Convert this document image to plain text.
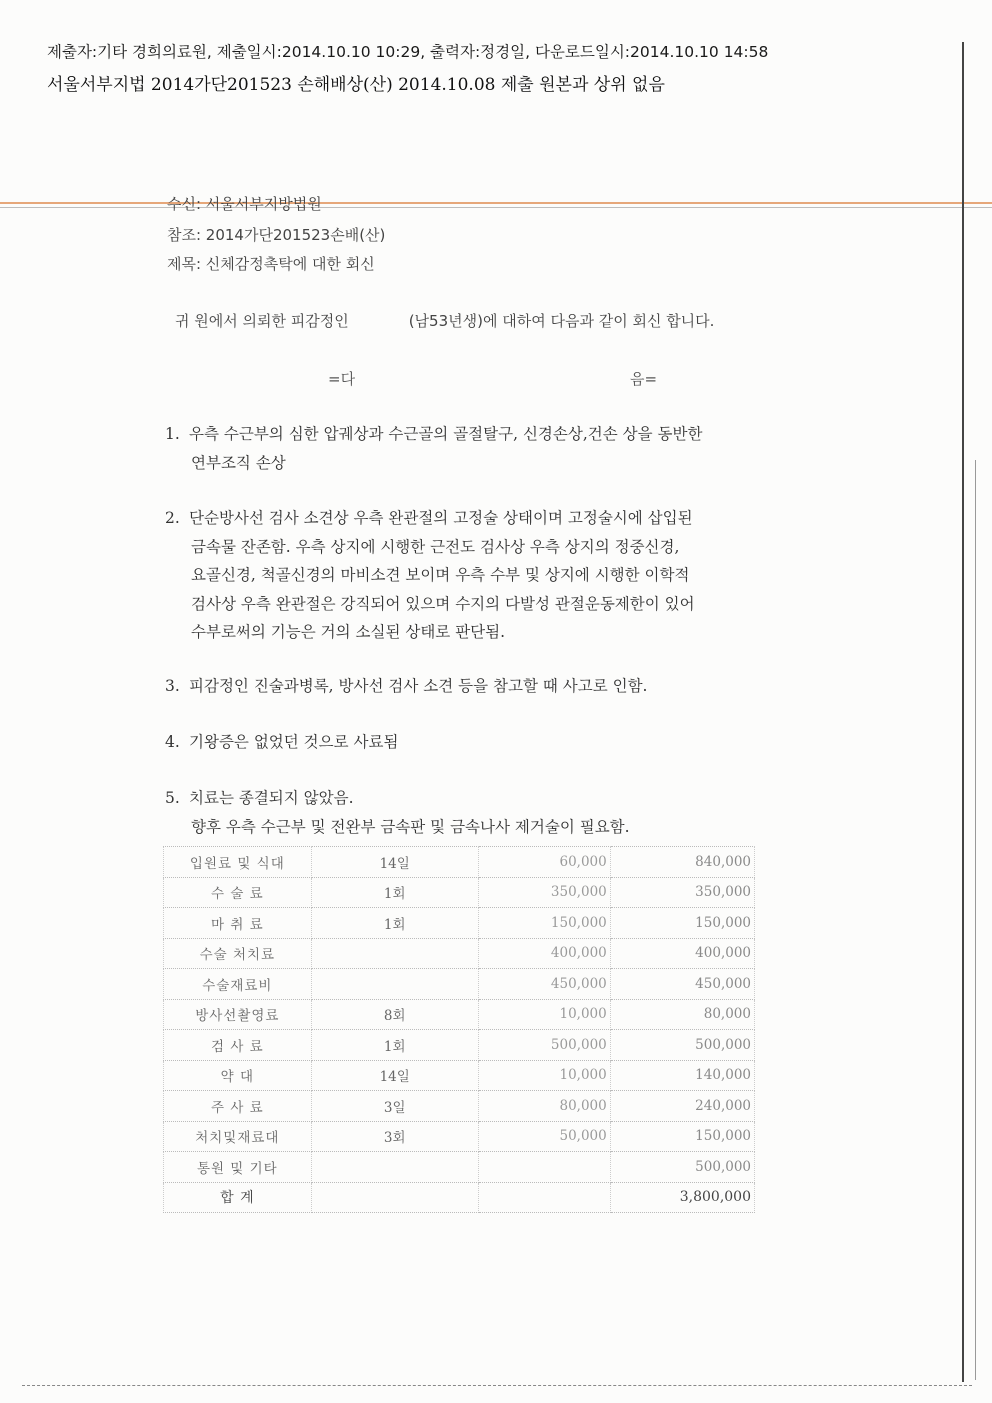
제출자:기타 경희의료원, 제출일시:2014.10.10 10:29, 출력자:정경일, 다운로드일시:2014.10.10 14:58
서울서부지법 2014가단201523 손해배상(산) 2014.10.08 제출 원본과 상위 없음
수신: 서울서부지방법원
참조: 2014가단201523손배(산)
제목: 신체감정촉탁에 대한 회신
귀 원에서 의뢰한 피감정인	(남53년생)에 대하여 다음과 같이 회신 합니다.
=다	음=
1. 우측 수근부의 심한 압궤상과 수근골의 골절탈구, 신경손상,건손 상을 동반한
연부조직 손상
2. 단순방사선 검사 소견상 우측 완관절의 고정술 상태이며 고정술시에 삽입된
금속물 잔존함. 우측 상지에 시행한 근전도 검사상 우측 상지의 정중신경,
요골신경, 척골신경의 마비소견 보이며 우측 수부 및 상지에 시행한 이학적
검사상 우측 완관절은 강직되어 있으며 수지의 다발성 관절운동제한이 있어
수부로써의 기능은 거의 소실된 상태로 판단됨.
3. 피감정인 진술과병록, 방사선 검사 소견 등을 참고할 때 사고로 인함.
4. 기왕증은 없었던 것으로 사료됨
5. 치료는 종결되지 않았음.
향후 우측 수근부 및 전완부 금속판 및 금속나사 제거술이 필요함.
입원료 및 식대	14일	60,000	840,000
수 술 료	1회	350,000	350,000
마 취 료	1회	150,000	150,000
수술 처치료		400,000	400,000
수술재료비		450,000	450,000
방사선촬영료	8회	10,000	80,000
검 사 료	1회	500,000	500,000
약 대	14일	10,000	140,000
주 사 료	3일	80,000	240,000
처치및재료대	3회	50,000	150,000
통원 및 기타			500,000
합 계			3,800,000
